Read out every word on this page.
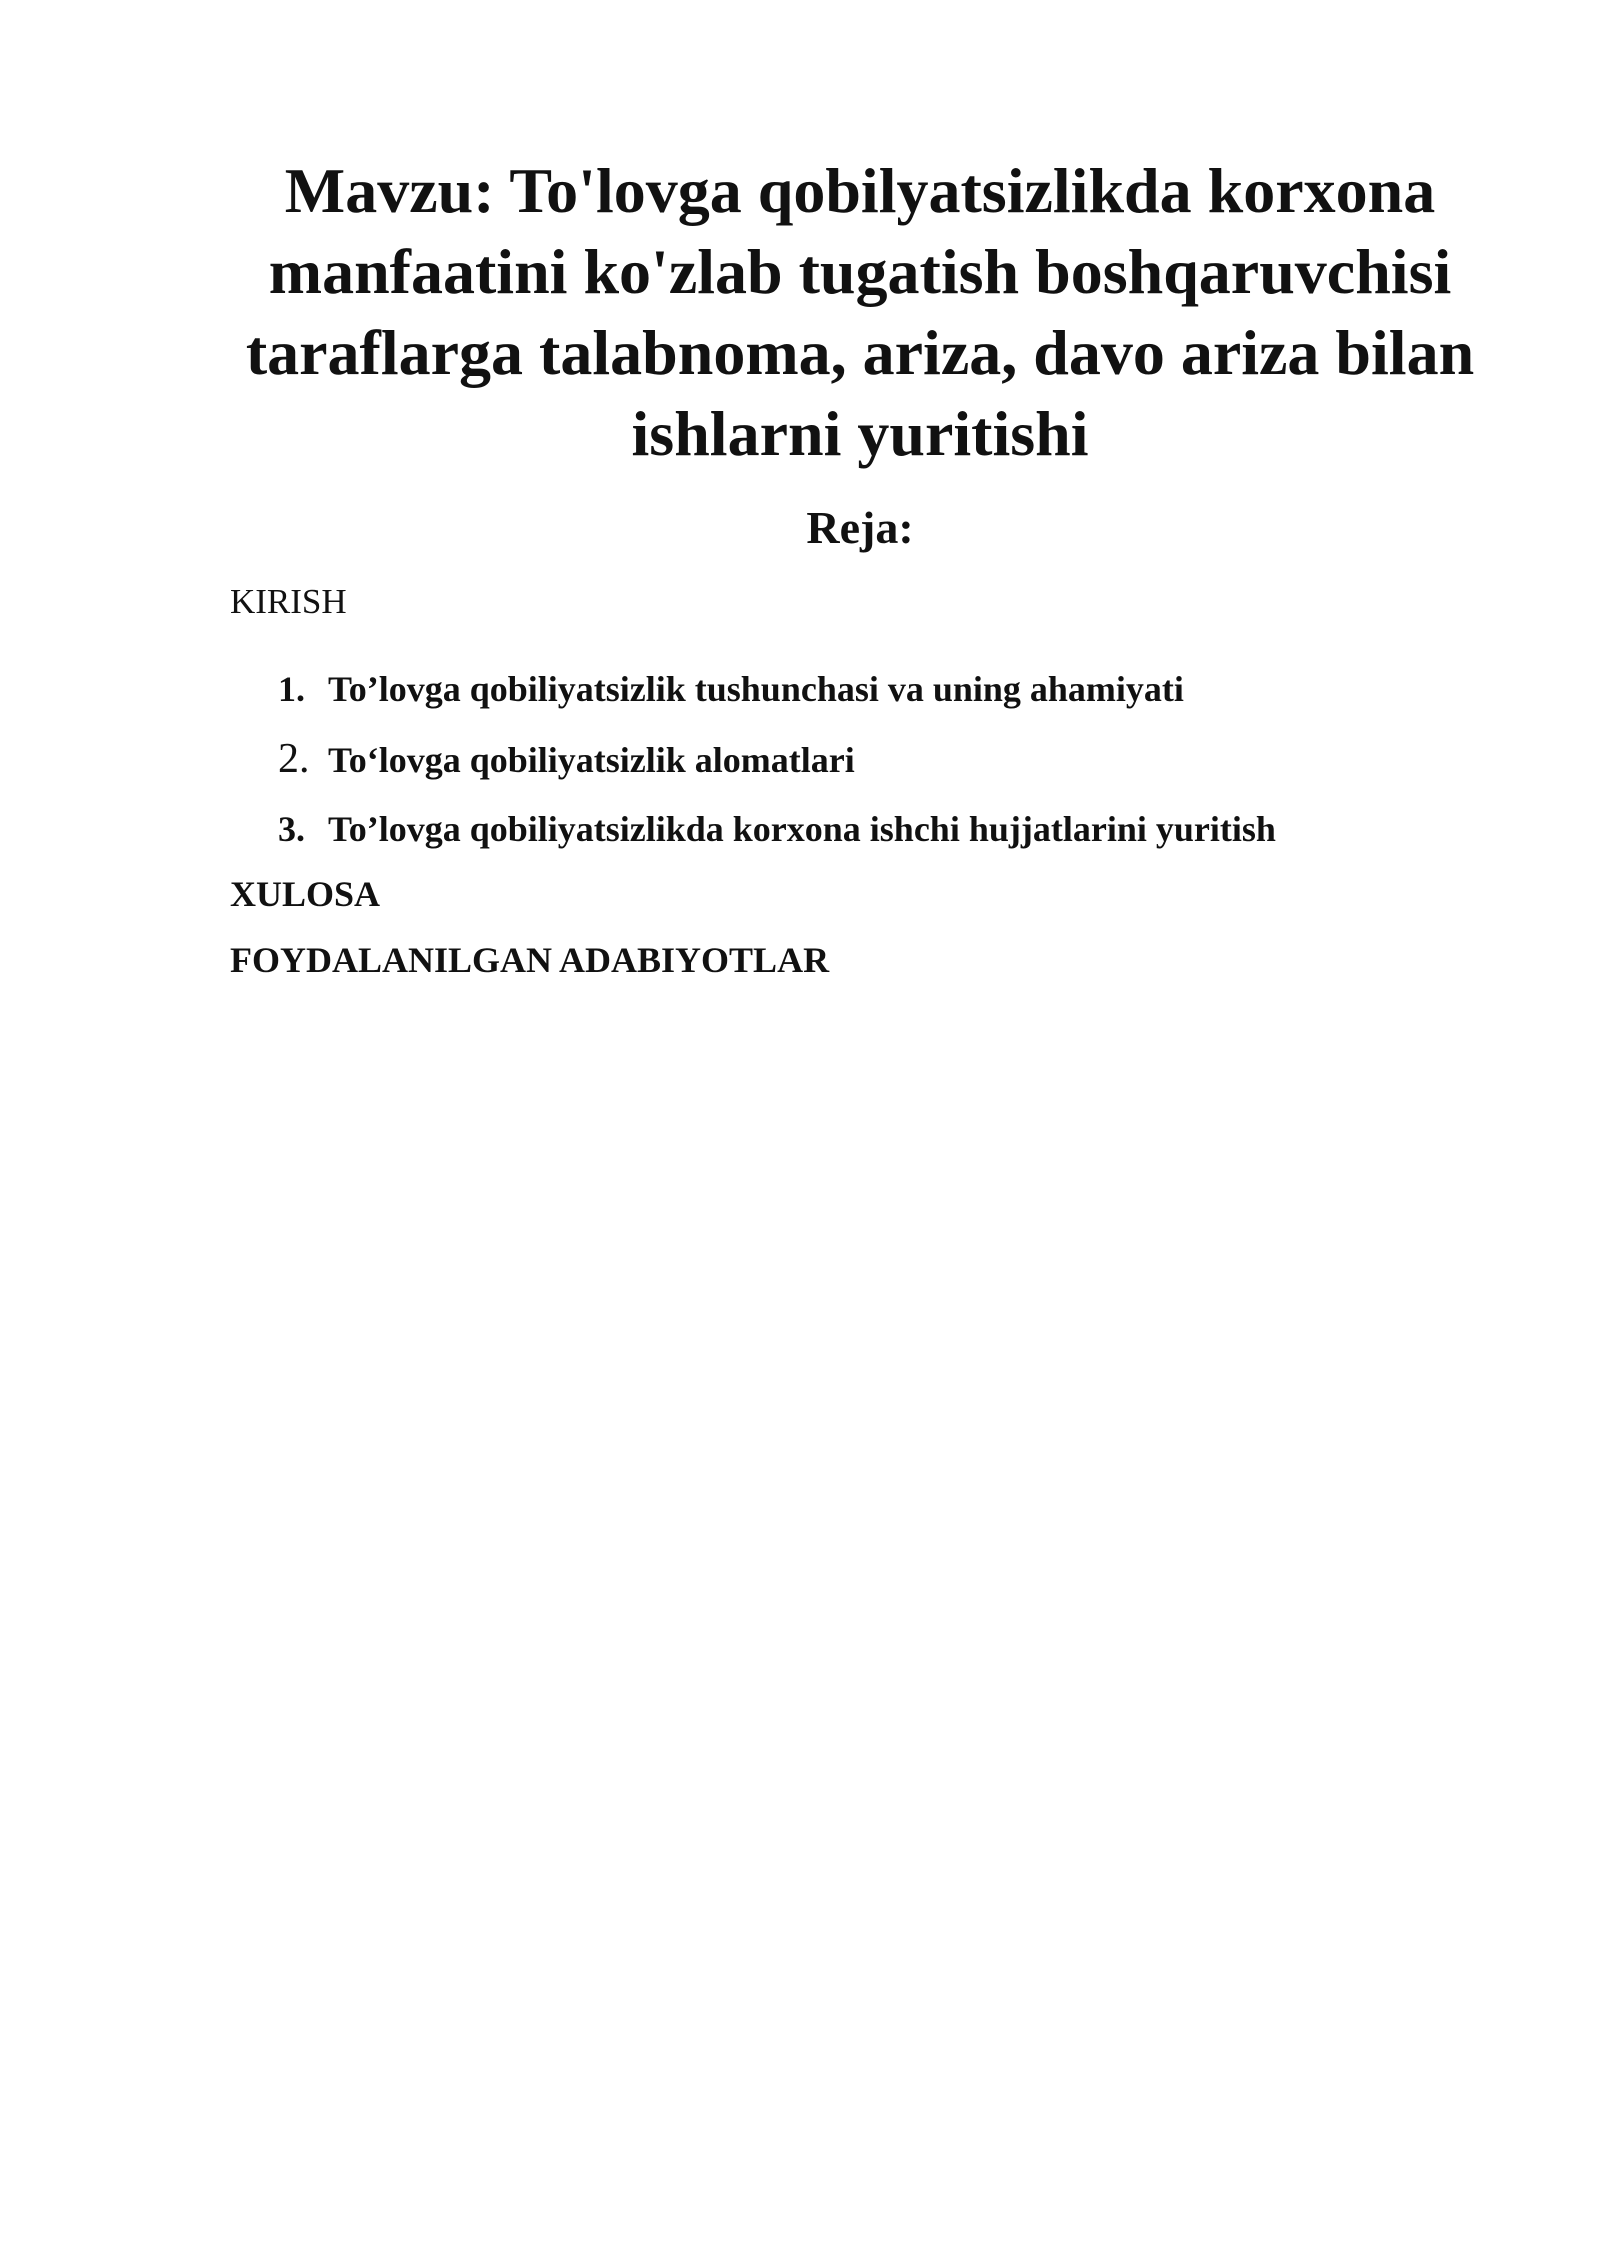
Mavzu: To'lovga qobilyatsizlikda korxona
manfaatini ko'zlab tugatish boshqaruvchisi
taraflarga talabnoma, ariza, davo ariza bilan
ishlarni yuritishi
Reja:

KIRISH

1. To’lovga qobiliyatsizlik tushunchasi va uning ahamiyati
2. To‘lovga qobiliyatsizlik alomatlari
3. To’lovga qobiliyatsizlikda korxona ishchi hujjatlarini yuritish

XULOSA

FOYDALANILGAN ADABIYOTLAR
